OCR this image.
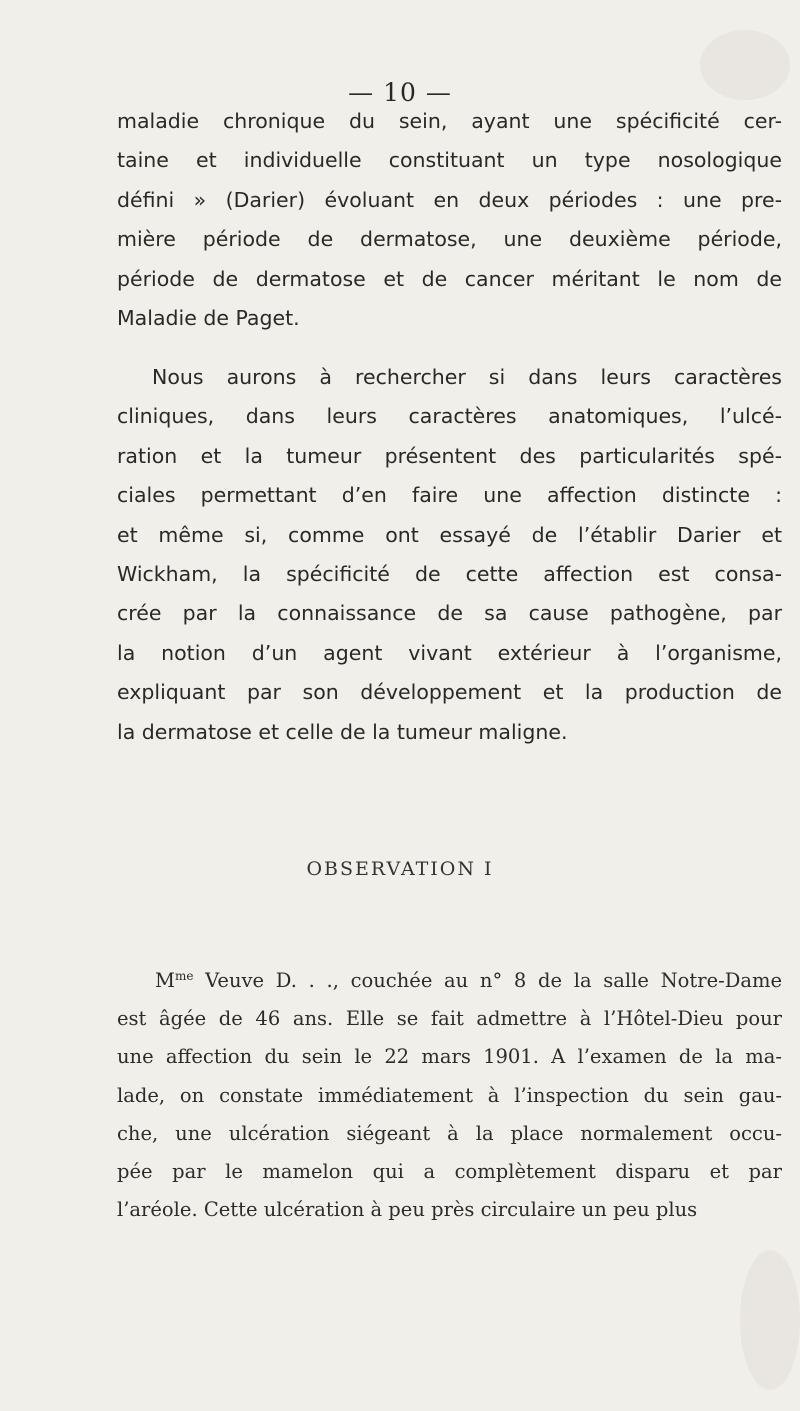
— 10 —
maladie chronique du sein, ayant une spécificité cer-
taine et individuelle constituant un type nosologique
défini » (Darier) évoluant en deux périodes : une pre-
mière période de dermatose, une deuxième période,
période de dermatose et de cancer méritant le nom de
Maladie de Paget.
Nous aurons à rechercher si dans leurs caractères
cliniques, dans leurs caractères anatomiques, l’ulcé-
ration et la tumeur présentent des particularités spé-
ciales permettant d’en faire une affection distincte :
et même si, comme ont essayé de l’établir Darier et
Wickham, la spécificité de cette affection est consa-
crée par la connaissance de sa cause pathogène, par
la notion d’un agent vivant extérieur à l’organisme,
expliquant par son développement et la production de
la dermatose et celle de la tumeur maligne.
OBSERVATION I
$M^{me}$ Veuve D. . ., couchée au n° 8 de la salle Notre-Dame
est âgée de 46 ans. Elle se fait admettre à l’Hôtel-Dieu pour
une affection du sein le 22 mars 1901. A l’examen de la ma-
lade, on constate immédiatement à l’inspection du sein gau-
che, une ulcération siégeant à la place normalement occu-
pée par le mamelon qui a complètement disparu et par
l’aréole. Cette ulcération à peu près circulaire un peu plus
